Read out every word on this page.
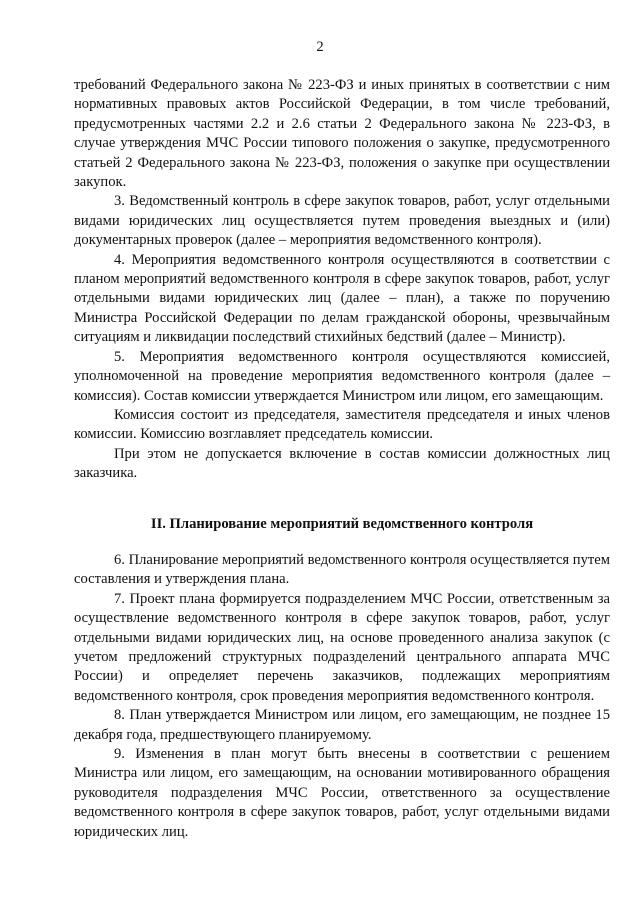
2

требований Федерального закона № 223-ФЗ и иных принятых в соответствии с ним нормативных правовых актов Российской Федерации, в том числе требований, предусмотренных частями 2.2 и 2.6 статьи 2 Федерального закона № 223-ФЗ, в случае утверждения МЧС России типового положения о закупке, предусмотренного статьей 2 Федерального закона № 223-ФЗ, положения о закупке при осуществлении закупок.

3. Ведомственный контроль в сфере закупок товаров, работ, услуг отдельными видами юридических лиц осуществляется путем проведения выездных и (или) документарных проверок (далее – мероприятия ведомственного контроля).

4. Мероприятия ведомственного контроля осуществляются в соответствии с планом мероприятий ведомственного контроля в сфере закупок товаров, работ, услуг отдельными видами юридических лиц (далее – план), а также по поручению Министра Российской Федерации по делам гражданской обороны, чрезвычайным ситуациям и ликвидации последствий стихийных бедствий (далее – Министр).

5. Мероприятия ведомственного контроля осуществляются комиссией, уполномоченной на проведение мероприятия ведомственного контроля (далее – комиссия). Состав комиссии утверждается Министром или лицом, его замещающим.

Комиссия состоит из председателя, заместителя председателя и иных членов комиссии. Комиссию возглавляет председатель комиссии.

При этом не допускается включение в состав комиссии должностных лиц заказчика.

II. Планирование мероприятий ведомственного контроля

6. Планирование мероприятий ведомственного контроля осуществляется путем составления и утверждения плана.

7. Проект плана формируется подразделением МЧС России, ответственным за осуществление ведомственного контроля в сфере закупок товаров, работ, услуг отдельными видами юридических лиц, на основе проведенного анализа закупок (с учетом предложений структурных подразделений центрального аппарата МЧС России) и определяет перечень заказчиков, подлежащих мероприятиям ведомственного контроля, срок проведения мероприятия ведомственного контроля.

8. План утверждается Министром или лицом, его замещающим, не позднее 15 декабря года, предшествующего планируемому.

9. Изменения в план могут быть внесены в соответствии с решением Министра или лицом, его замещающим, на основании мотивированного обращения руководителя подразделения МЧС России, ответственного за осуществление ведомственного контроля в сфере закупок товаров, работ, услуг отдельными видами юридических лиц.
